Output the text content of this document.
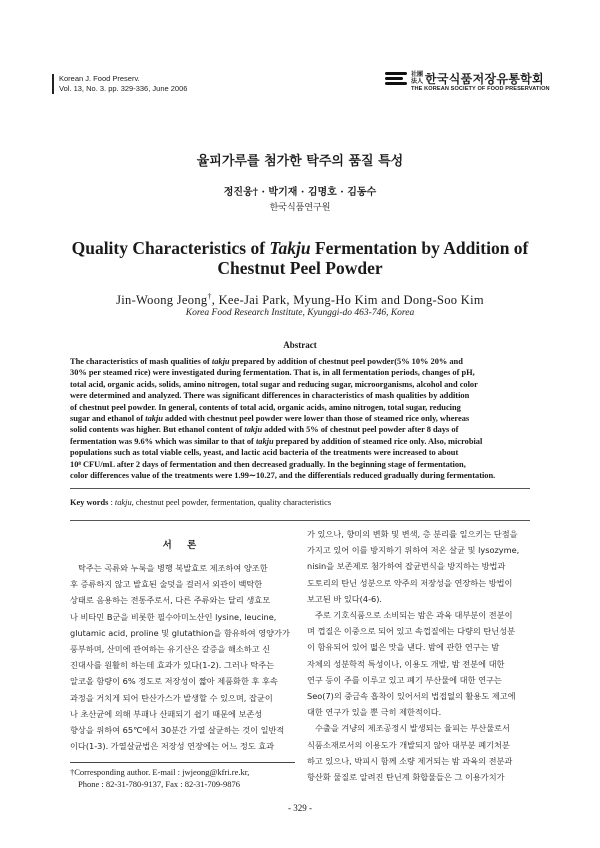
Korean J. Food Preserv.
Vol. 13, No. 3. pp. 329-336, June 2006
社團法人 한국식품저장유통학회
THE KOREAN SOCIETY OF FOOD PRESERVATION
율피가루를 첨가한 탁주의 품질 특성
정진웅† · 박기재 · 김명호 · 김동수
한국식품연구원
Quality Characteristics of Takju Fermentation by Addition of
Chestnut Peel Powder
Jin-Woong Jeong†, Kee-Jai Park, Myung-Ho Kim and Dong-Soo Kim
Korea Food Research Institute, Kyunggi-do 463-746, Korea
Abstract
The characteristics of mash qualities of takju prepared by addition of chestnut peel powder(5% 10% 20% and
30% per steamed rice) were investigated during fermentation. That is, in all fermentation periods, changes of pH,
total acid, organic acids, solids, amino nitrogen, total sugar and reducing sugar, microorganisms, alcohol and color
were determined and analyzed. There was significant differences in characteristics of mash qualities by addition
of chestnut peel powder. In general, contents of total acid, organic acids, amino nitrogen, total sugar, reducing
sugar and ethanol of takju added with chestnut peel powder were lower than those of steamed rice only, whereas
solid contents was higher. But ethanol content of takju added with 5% of chestnut peel powder after 8 days of
fermentation was 9.6% which was similar to that of takju prepared by addition of steamed rice only. Also, microbial
populations such as total viable cells, yeast, and lactic acid bacteria of the treatments were increased to about
10⁸ CFU/mL after 2 days of fermentation and then decreased gradually. In the beginning stage of fermentation,
color differences value of the treatments were 1.99∼10.27, and the differentials reduced gradually during fermentation.
Key words : takju, chestnut peel powder, fermentation, quality characteristics
서 론
탁주는 곡류와 누룩을 병행 복발효로 제조하여 양조한
후 증류하지 않고 발효된 술덧을 걸러서 외관이 백탁한
상태로 음용하는 전통주로서, 다른 주류와는 달리 생효모
나 비타민 B군을 비롯한 필수아미노산인 lysine, leucine,
glutamic acid, proline 및 glutathion을 함유하여 영양가가
풍부하며, 산미에 관여하는 유기산은 갈증을 해소하고 신
진대사를 원활히 하는데 효과가 있다(1-2). 그러나 탁주는
알코올 함량이 6% 정도로 저장성이 짧아 제품화한 후 후속
과정을 거치게 되어 탄산가스가 발생할 수 있으며, 잡균이
나 초산균에 의해 부패나 산패되기 쉽기 때문에 보존성
향상을 위하여 65℃에서 30분간 가열 살균하는 것이 일반적
이다(1-3). 가열살균법은 저장성 연장에는 어느 정도 효과
가 있으나, 향미의 변화 및 변색, 층 분리를 일으키는 단점을
가지고 있어 이를 방지하기 위하여 저온 살균 및 lysozyme,
nisin을 보존제로 첨가하여 잡균번식을 방지하는 방법과
도토리의 탄닌 성분으로 약주의 저장성을 연장하는 방법이
보고된 바 있다(4-6).
주로 기호식품으로 소비되는 밤은 과육 대부분이 전분이
며 껍질은 이중으로 되어 있고 속껍질에는 다량의 탄닌성분
이 함유되어 있어 떫은 맛을 낸다. 밤에 관한 연구는 밤
자체의 성분학적 특성이나, 이용도 개발, 밤 전분에 대한
연구 등이 주를 이루고 있고 폐기 부산물에 대한 연구는
Seo(7)의 중금속 흡착이 있어서의 법접없의 활용도 제고에
대한 연구가 있을 뿐 극히 제한적이다.
수출을 겨냥의 제조공정시 발생되는 율피는 부산물로서
식품소재로서의 이용도가 개발되지 않아 대부분 폐기처분
하고 있으나, 박피시 함께 소량 제거되는 밤 과육의 전분과
항산화 물질로 알려진 탄닌계 화합물들은 그 이용가치가
†Corresponding author. E-mail : jwjeong@kfri.re.kr,
Phone : 82-31-780-9137, Fax : 82-31-709-9876
- 329 -
